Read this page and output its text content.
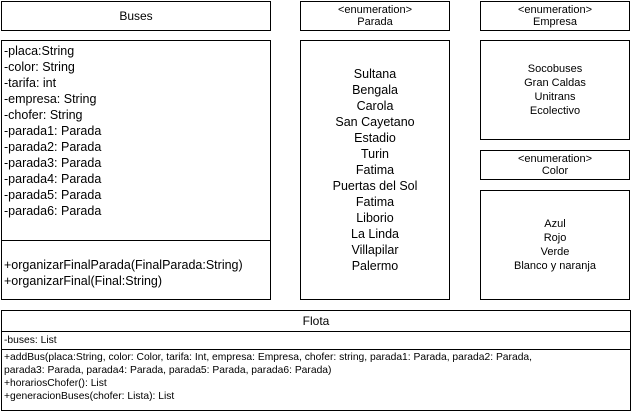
Buses
-placa:String
-color: String
-tarifa: int
-empresa: String
-chofer: String
-parada1: Parada
-parada2: Parada
-parada3: Parada
-parada4: Parada
-parada5: Parada
-parada6: Parada
+organizarFinalParada(FinalParada:String)
+organizarFinal(Final:String)
<enumeration>
Parada
Sultana
Bengala
Carola
San Cayetano
Estadio
Turin
Fatima
Puertas del Sol
Fatima
Liborio
La Linda
Villapilar
Palermo
<enumeration>
Empresa
Socobuses
Gran Caldas
Unitrans
Ecolectivo
<enumeration>
Color
Azul
Rojo
Verde
Blanco y naranja
Flota
-buses: List
+addBus(placa:String, color: Color, tarifa: Int, empresa: Empresa, chofer: string, parada1: Parada, parada2: Parada,
parada3: Parada, parada4: Parada, parada5: Parada, parada6: Parada)
+horariosChofer(): List
+generacionBuses(chofer: Lista): List
